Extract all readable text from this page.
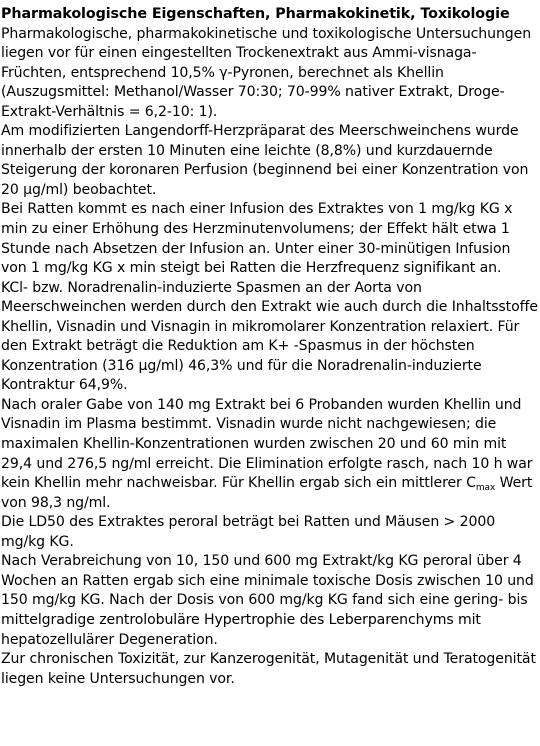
Pharmakologische Eigenschaften, Pharmakokinetik, Toxikologie

Pharmakologische, pharmakokinetische und toxikologische Untersuchungen liegen vor für einen eingestellten Trockenextrakt aus Ammi-visnaga-Früchten, entsprechend 10,5% γ-Pyronen, berechnet als Khellin (Auszugsmittel: Methanol/Wasser 70:30; 70-99% nativer Extrakt, Droge-Extrakt-Verhältnis = 6,2-10: 1).

Am modifizierten Langendorff-Herzpräparat des Meerschweinchens wurde innerhalb der ersten 10 Minuten eine leichte (8,8%) und kurzdauernde Steigerung der koronaren Perfusion (beginnend bei einer Konzentration von 20 µg/ml) beobachtet.

Bei Ratten kommt es nach einer Infusion des Extraktes von 1 mg/kg KG x min zu einer Erhöhung des Herzminutenvolumens; der Effekt hält etwa 1 Stunde nach Absetzen der Infusion an. Unter einer 30-minütigen Infusion von 1 mg/kg KG x min steigt bei Ratten die Herzfrequenz signifikant an.

KCl- bzw. Noradrenalin-induzierte Spasmen an der Aorta von Meerschweinchen werden durch den Extrakt wie auch durch die Inhaltsstoffe Khellin, Visnadin und Visnagin in mikromolarer Konzentration relaxiert. Für den Extrakt beträgt die Reduktion am K+ -Spasmus in der höchsten Konzentration (316 µg/ml) 46,3% und für die Noradrenalin-induzierte Kontraktur 64,9%.

Nach oraler Gabe von 140 mg Extrakt bei 6 Probanden wurden Khellin und Visnadin im Plasma bestimmt. Visnadin wurde nicht nachgewiesen; die maximalen Khellin-Konzentrationen wurden zwischen 20 und 60 min mit 29,4 und 276,5 ng/ml erreicht. Die Elimination erfolgte rasch, nach 10 h war kein Khellin mehr nachweisbar. Für Khellin ergab sich ein mittlerer $C_{max}$ Wert von 98,3 ng/ml.

Die LD50 des Extraktes peroral beträgt bei Ratten und Mäusen > 2000 mg/kg KG.

Nach Verabreichung von 10, 150 und 600 mg Extrakt/kg KG peroral über 4 Wochen an Ratten ergab sich eine minimale toxische Dosis zwischen 10 und 150 mg/kg KG. Nach der Dosis von 600 mg/kg KG fand sich eine gering- bis mittelgradige zentrolobuläre Hypertrophie des Leberparenchyms mit hepatozellulärer Degeneration.

Zur chronischen Toxizität, zur Kanzerogenität, Mutagenität und Teratogenität liegen keine Untersuchungen vor.
